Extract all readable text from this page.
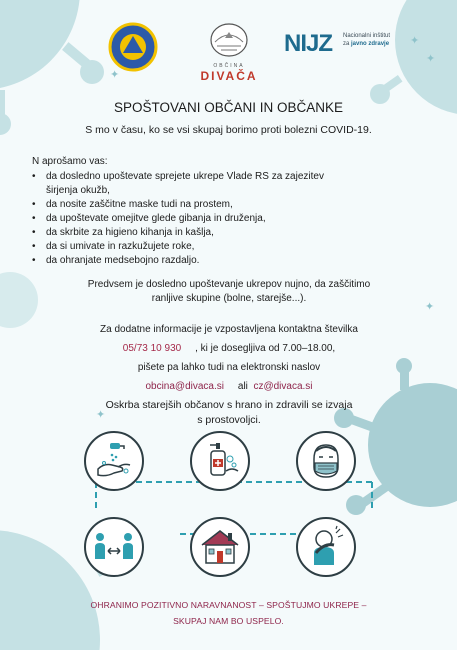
✦
✦
✦
✦
✦
OBČINA
DIVAČA
NIJZ Nacionalni inštitut
za javno zdravje
SPOŠTOVANI OBČANI IN OBČANKE
S mo v času, ko se vsi skupaj borimo proti bolezni COVID-19.
N aprošamo vas:
• da dosledno upoštevate sprejete ukrepe Vlade RS za zajezitev
širjenja okužb,
• da nosite zaščitne maske tudi na prostem,
• da upoštevate omejitve glede gibanja in druženja,
• da skrbite za higieno kihanja in kašlja,
• da si umivate in razkužujete roke,
• da ohranjate medsebojno razdaljo.
Predvsem je dosledno upoštevanje ukrepov nujno, da zaščitimo
ranljive skupine (bolne, starejše...).
Za dodatne informacije je vzpostavljena kontaktna številka
05/73 10 930 , ki je dosegljiva od 7.00–18.00,
pišete pa lahko tudi na elektronski naslov
obcina@divaca.si ali cz@divaca.si
Oskrba starejših občanov s hrano in zdravili se izvaja
s prostovoljci.
OHRANIMO POZITIVNO NARAVNANOST – SPOŠTUJMO UKREPE –
SKUPAJ NAM BO USPELO.
